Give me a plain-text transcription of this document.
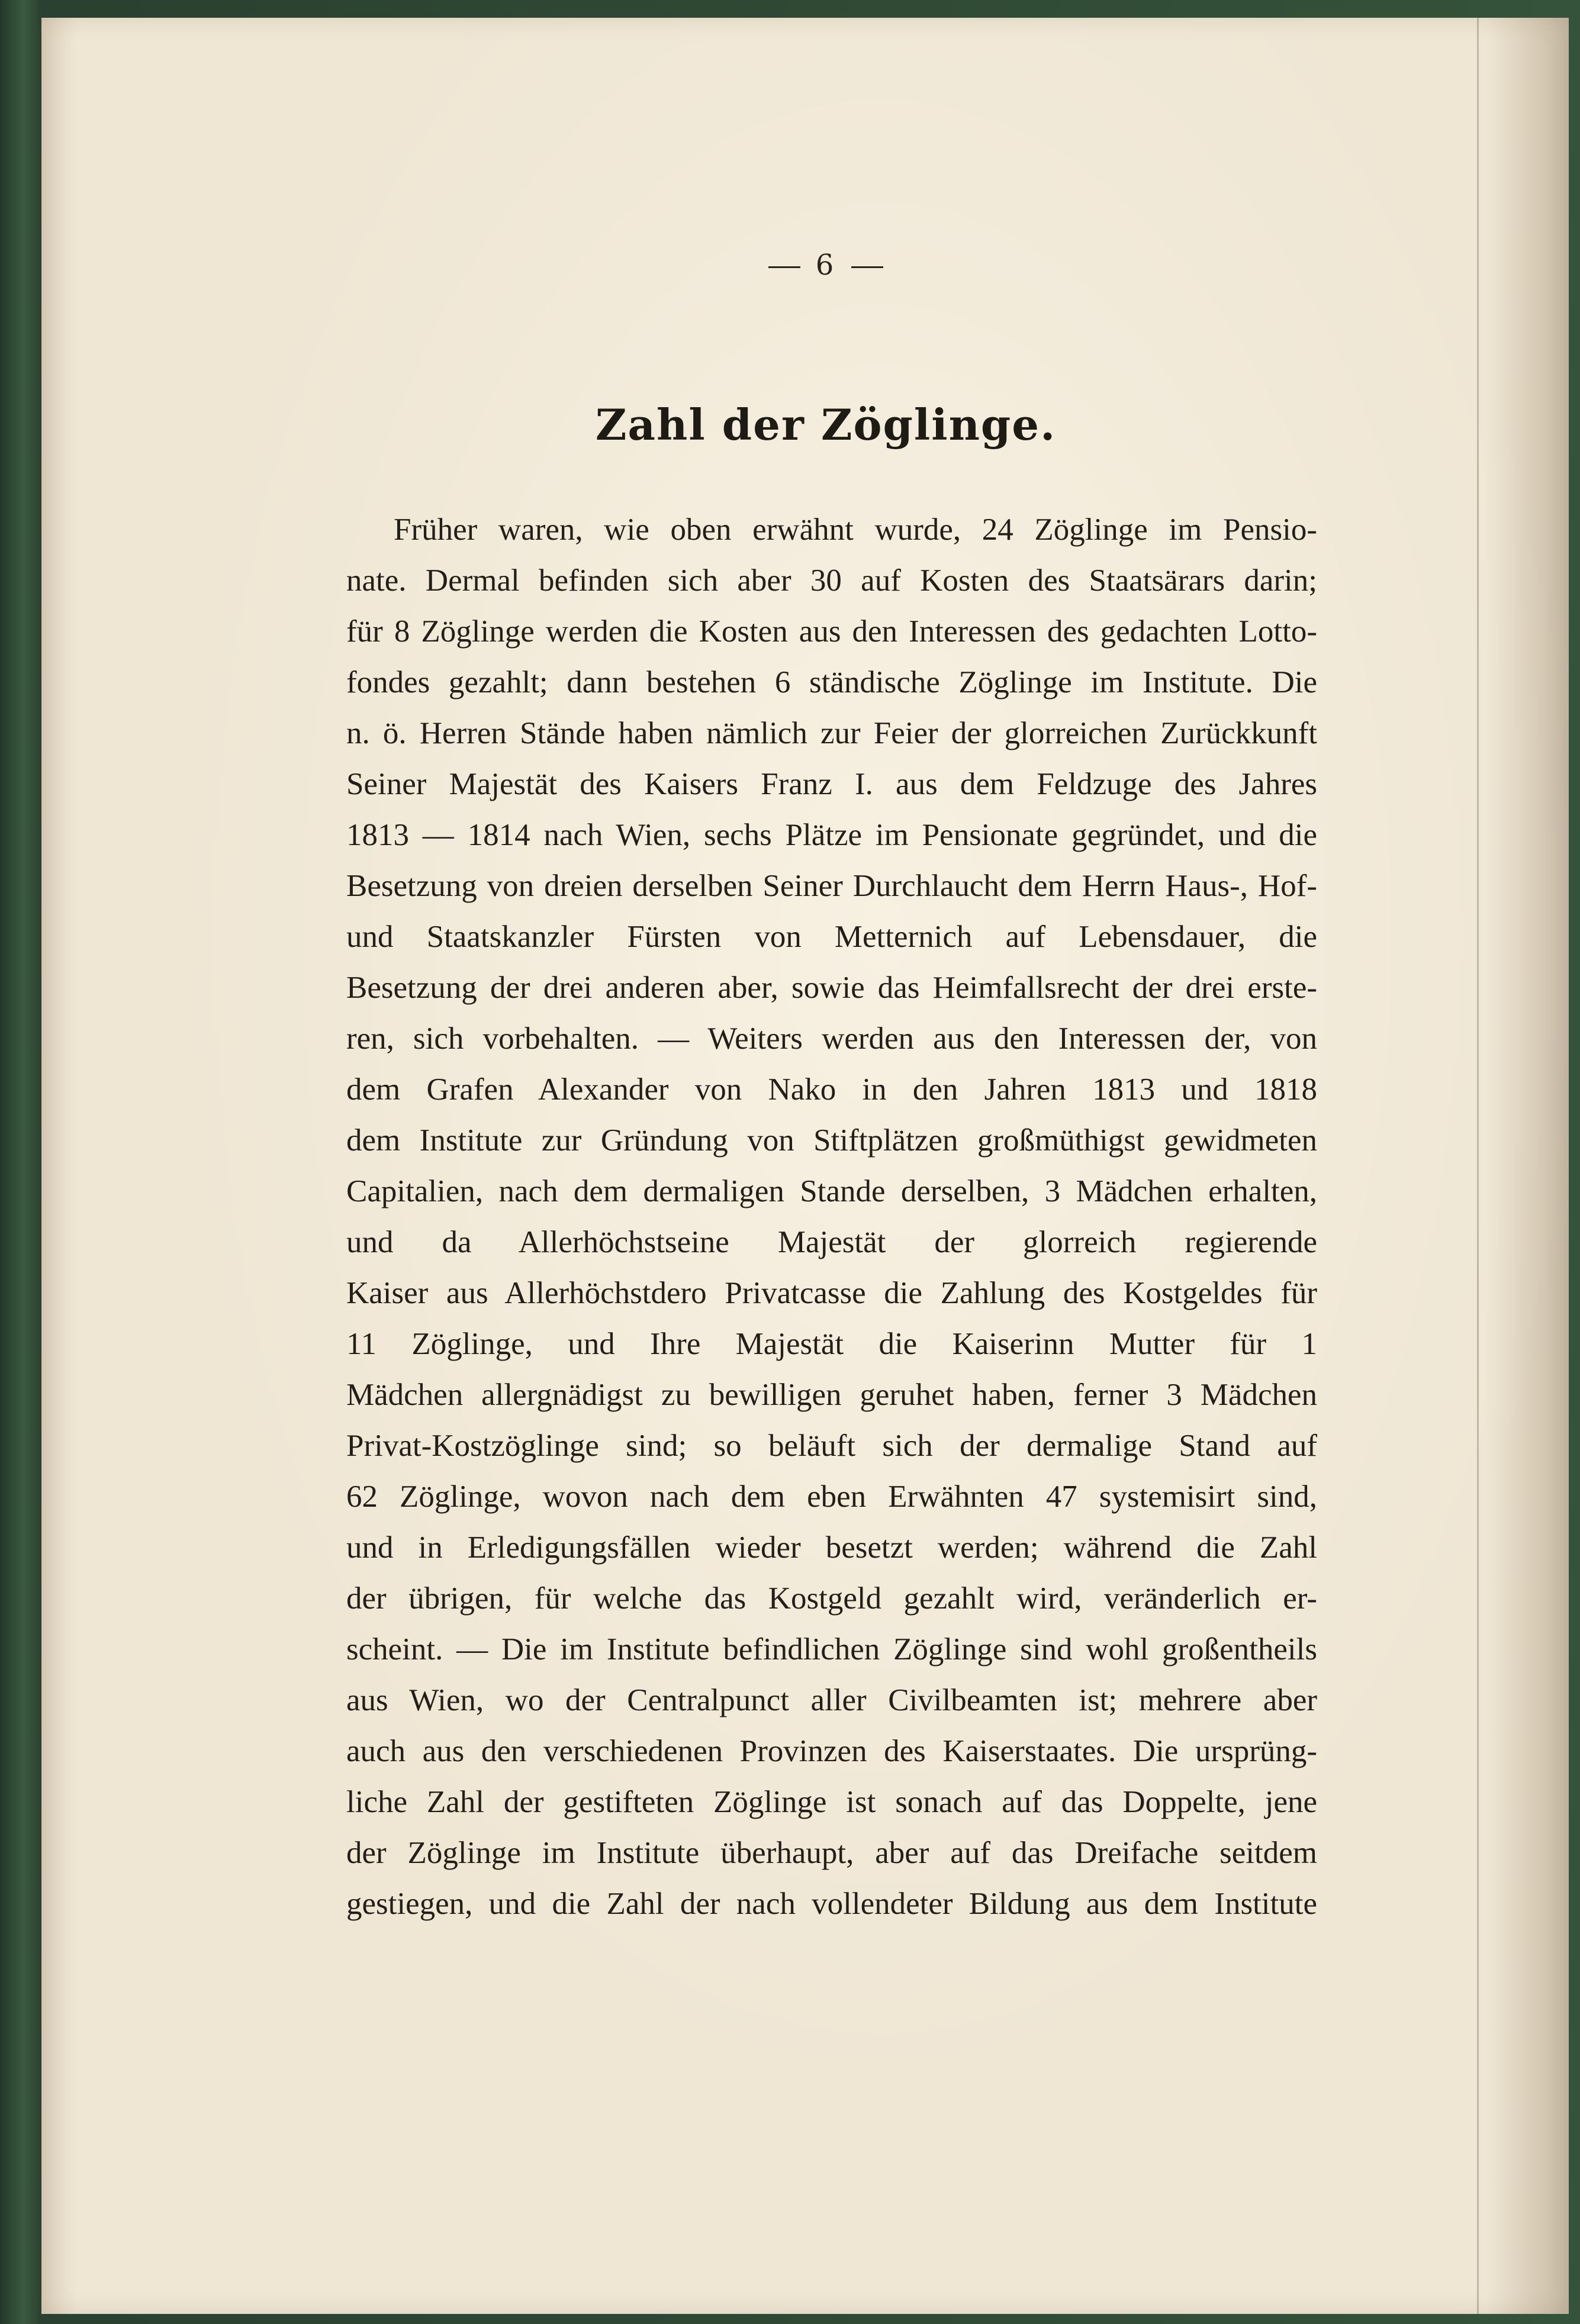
6
Zahl der Zöglinge.
Früher waren, wie oben erwähnt wurde, 24 Zöglinge im Pensio-
nate. Dermal befinden sich aber 30 auf Kosten des Staatsärars darin;
für 8 Zöglinge werden die Kosten aus den Interessen des gedachten Lotto-
fondes gezahlt; dann bestehen 6 ständische Zöglinge im Institute. Die
n. ö. Herren Stände haben nämlich zur Feier der glorreichen Zurückkunft
Seiner Majestät des Kaisers Franz I. aus dem Feldzuge des Jahres
1813 — 1814 nach Wien, sechs Plätze im Pensionate gegründet, und die
Besetzung von dreien derselben Seiner Durchlaucht dem Herrn Haus-, Hof-
und Staatskanzler Fürsten von Metternich auf Lebensdauer, die
Besetzung der drei anderen aber, sowie das Heimfallsrecht der drei erste-
ren, sich vorbehalten. — Weiters werden aus den Interessen der, von
dem Grafen Alexander von Nako in den Jahren 1813 und 1818
dem Institute zur Gründung von Stiftplätzen großmüthigst gewidmeten
Capitalien, nach dem dermaligen Stande derselben, 3 Mädchen erhalten,
und da Allerhöchstseine Majestät der glorreich regierende
Kaiser aus Allerhöchstdero Privatcasse die Zahlung des Kostgeldes für
11 Zöglinge, und Ihre Majestät die Kaiserinn Mutter für 1
Mädchen allergnädigst zu bewilligen geruhet haben, ferner 3 Mädchen
Privat-Kostzöglinge sind; so beläuft sich der dermalige Stand auf
62 Zöglinge, wovon nach dem eben Erwähnten 47 systemisirt sind,
und in Erledigungsfällen wieder besetzt werden; während die Zahl
der übrigen, für welche das Kostgeld gezahlt wird, veränderlich er-
scheint. — Die im Institute befindlichen Zöglinge sind wohl großentheils
aus Wien, wo der Centralpunct aller Civilbeamten ist; mehrere aber
auch aus den verschiedenen Provinzen des Kaiserstaates. Die ursprüng-
liche Zahl der gestifteten Zöglinge ist sonach auf das Doppelte, jene
der Zöglinge im Institute überhaupt, aber auf das Dreifache seitdem
gestiegen, und die Zahl der nach vollendeter Bildung aus dem Institute
